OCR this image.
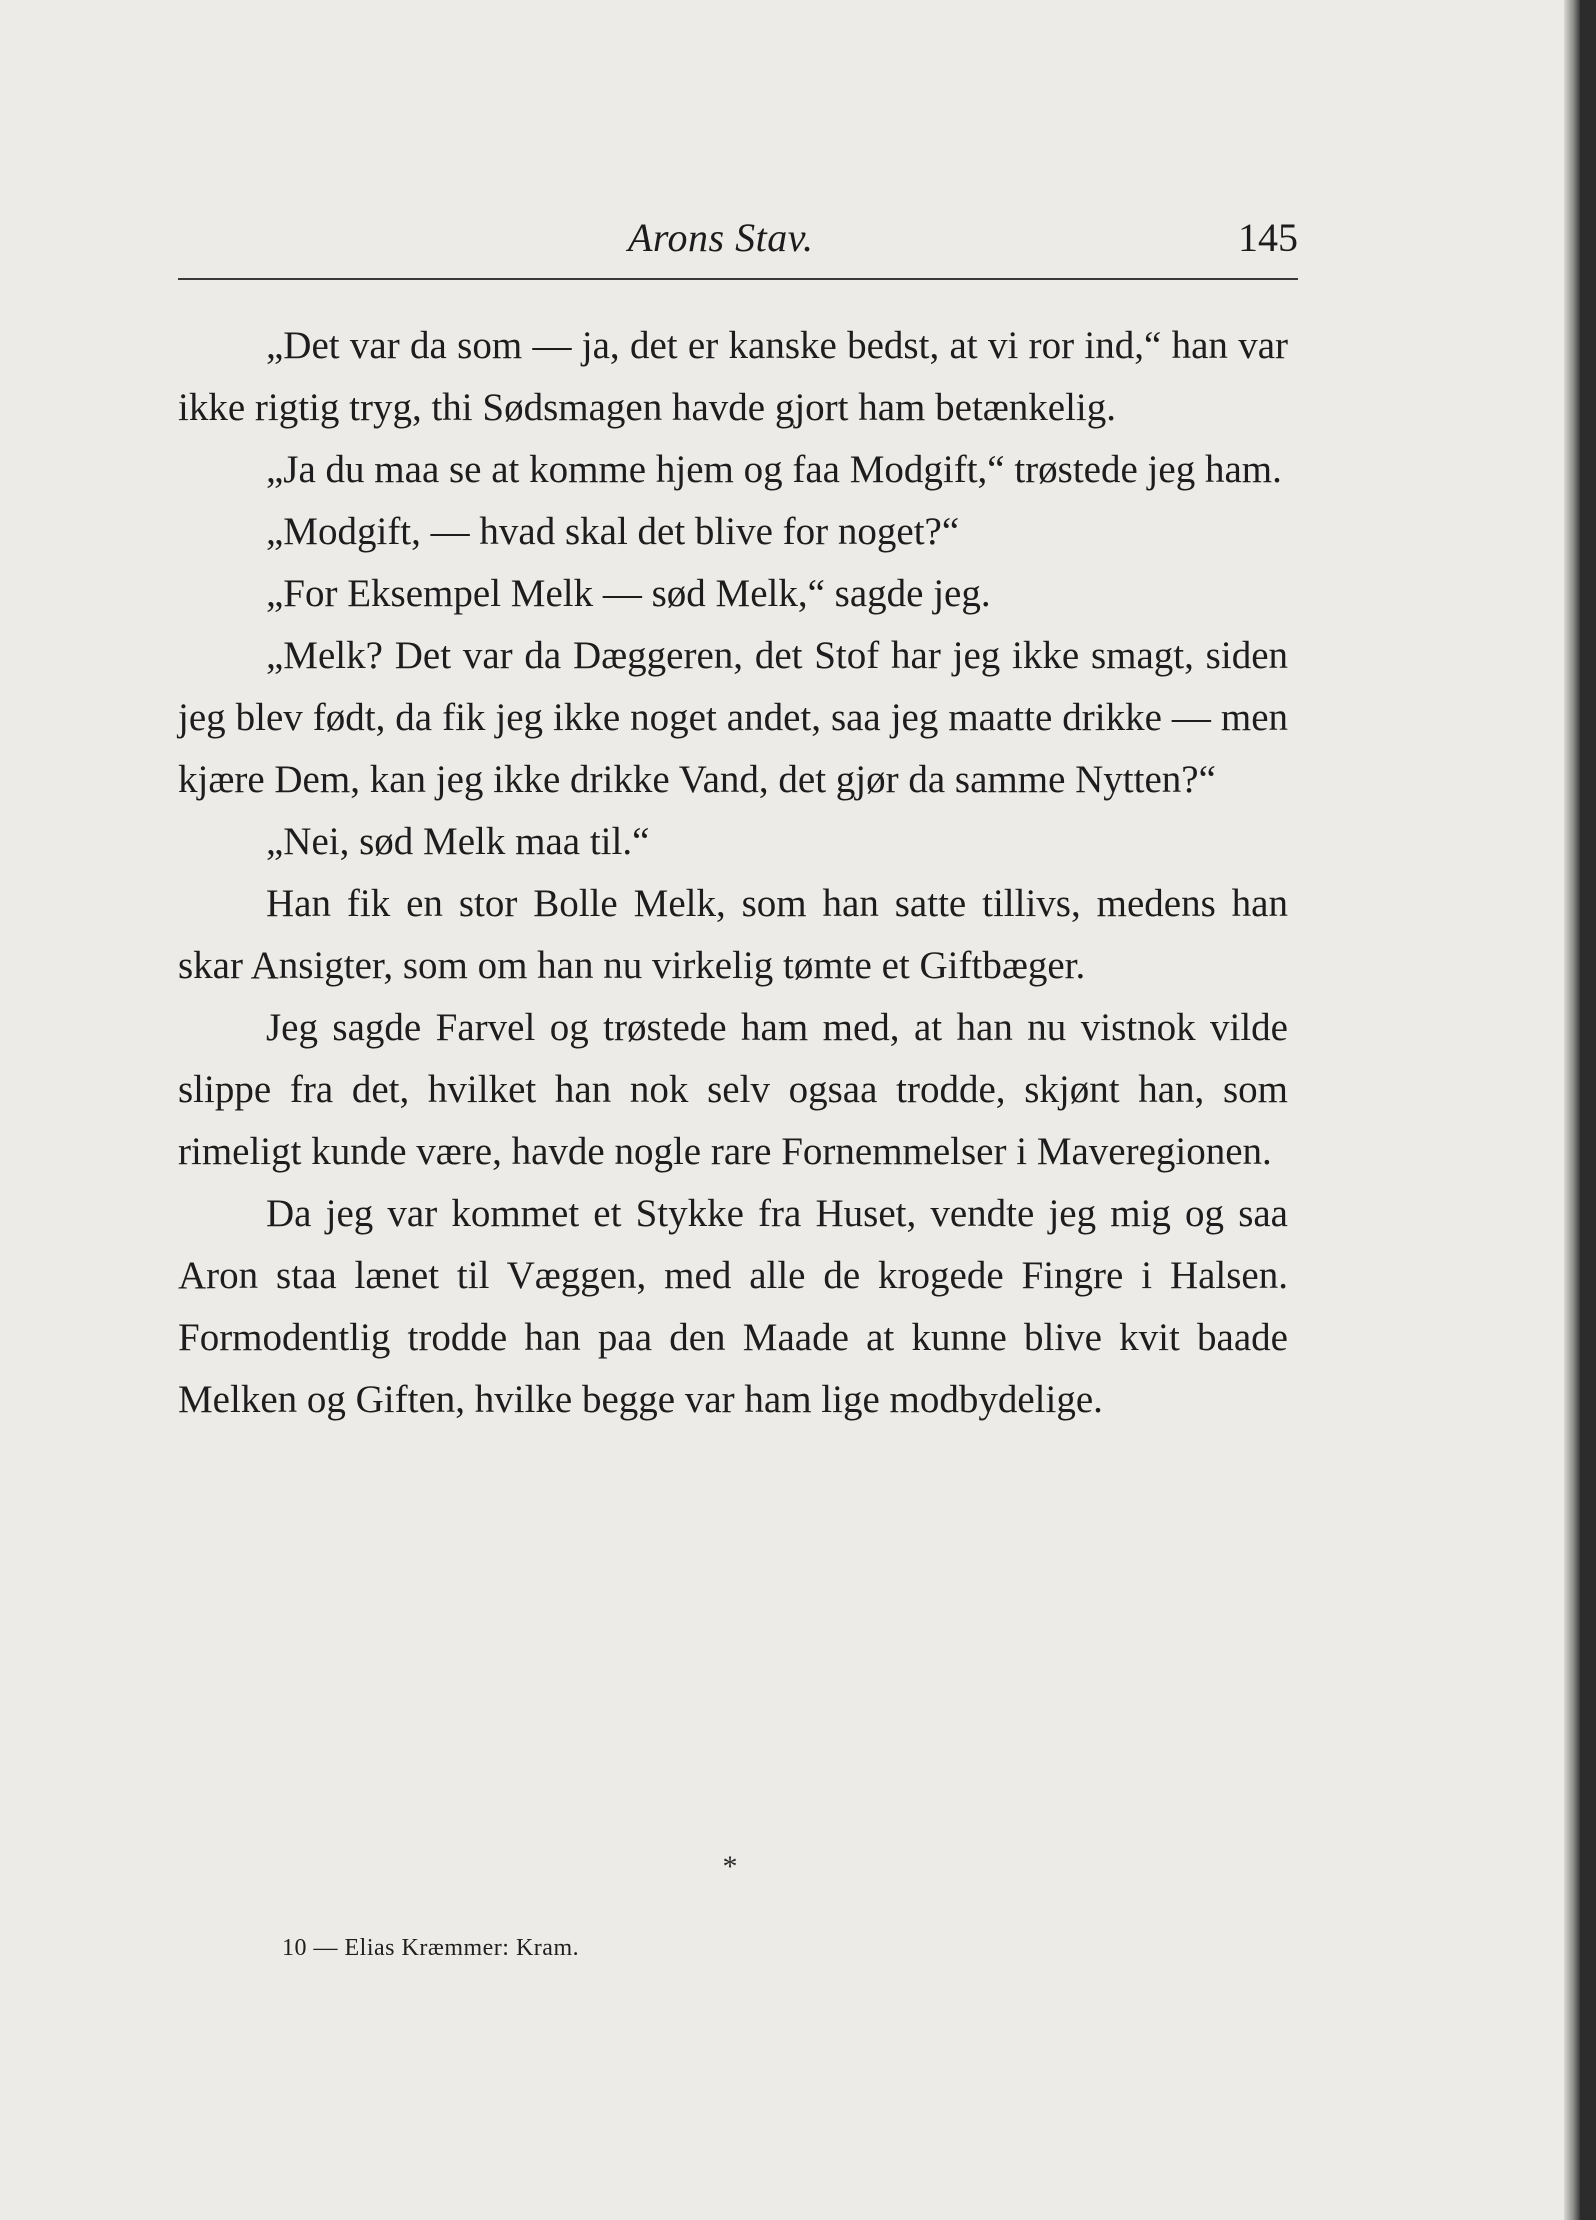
Arons Stav.	145

„Det var da som — ja, det er kanske bedst, at vi ror ind,“ han var ikke rigtig tryg, thi Sødsmagen havde gjort ham betænkelig.

„Ja du maa se at komme hjem og faa Modgift,“ trøstede jeg ham.

„Modgift, — hvad skal det blive for noget?“

„For Eksempel Melk — sød Melk,“ sagde jeg.

„Melk? Det var da Dæggeren, det Stof har jeg ikke smagt, siden jeg blev født, da fik jeg ikke noget andet, saa jeg maatte drikke — men kjære Dem, kan jeg ikke drikke Vand, det gjør da samme Nytten?“

„Nei, sød Melk maa til.“

Han fik en stor Bolle Melk, som han satte tillivs, medens han skar Ansigter, som om han nu virkelig tømte et Giftbæger.

Jeg sagde Farvel og trøstede ham med, at han nu vistnok vilde slippe fra det, hvilket han nok selv ogsaa trodde, skjønt han, som rimeligt kunde være, havde nogle rare Fornemmelser i Maveregionen.

Da jeg var kommet et Stykke fra Huset, vendte jeg mig og saa Aron staa lænet til Væggen, med alle de krogede Fingre i Halsen. Formodentlig trodde han paa den Maade at kunne blive kvit baade Melken og Giften, hvilke begge var ham lige modbydelige.

*
10 — Elias Kræmmer: Kram.
